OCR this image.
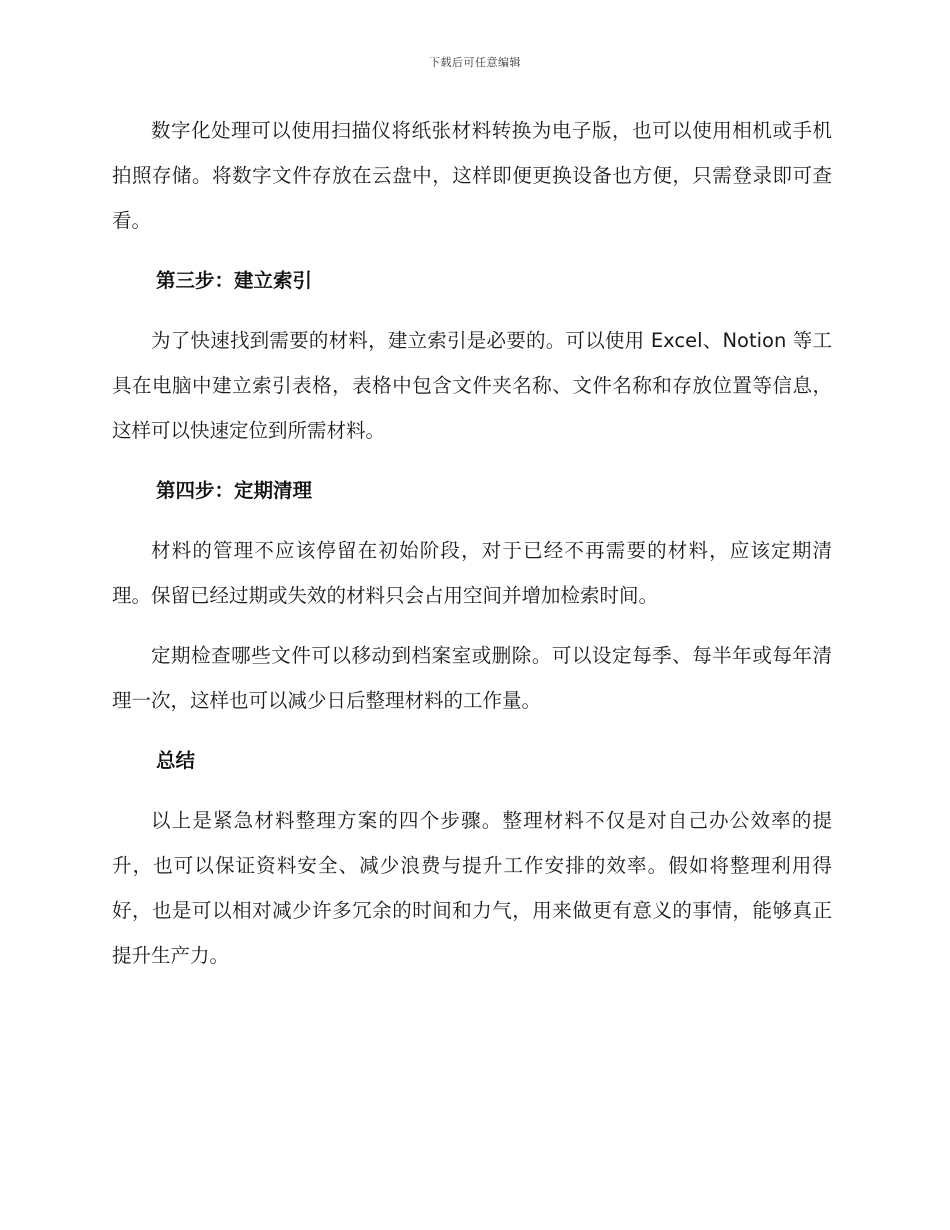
下载后可任意编辑

数字化处理可以使用扫描仪将纸张材料转换为电子版，也可以使用相机或手机拍照存储。将数字文件存放在云盘中，这样即便更换设备也方便，只需登录即可查看。

第三步：建立索引

为了快速找到需要的材料，建立索引是必要的。可以使用 Excel、Notion 等工具在电脑中建立索引表格，表格中包含文件夹名称、文件名称和存放位置等信息，这样可以快速定位到所需材料。

第四步：定期清理

材料的管理不应该停留在初始阶段，对于已经不再需要的材料，应该定期清理。保留已经过期或失效的材料只会占用空间并增加检索时间。

定期检查哪些文件可以移动到档案室或删除。可以设定每季、每半年或每年清理一次，这样也可以减少日后整理材料的工作量。

总结

以上是紧急材料整理方案的四个步骤。整理材料不仅是对自己办公效率的提升，也可以保证资料安全、减少浪费与提升工作安排的效率。假如将整理利用得好，也是可以相对减少许多冗余的时间和力气，用来做更有意义的事情，能够真正提升生产力。
